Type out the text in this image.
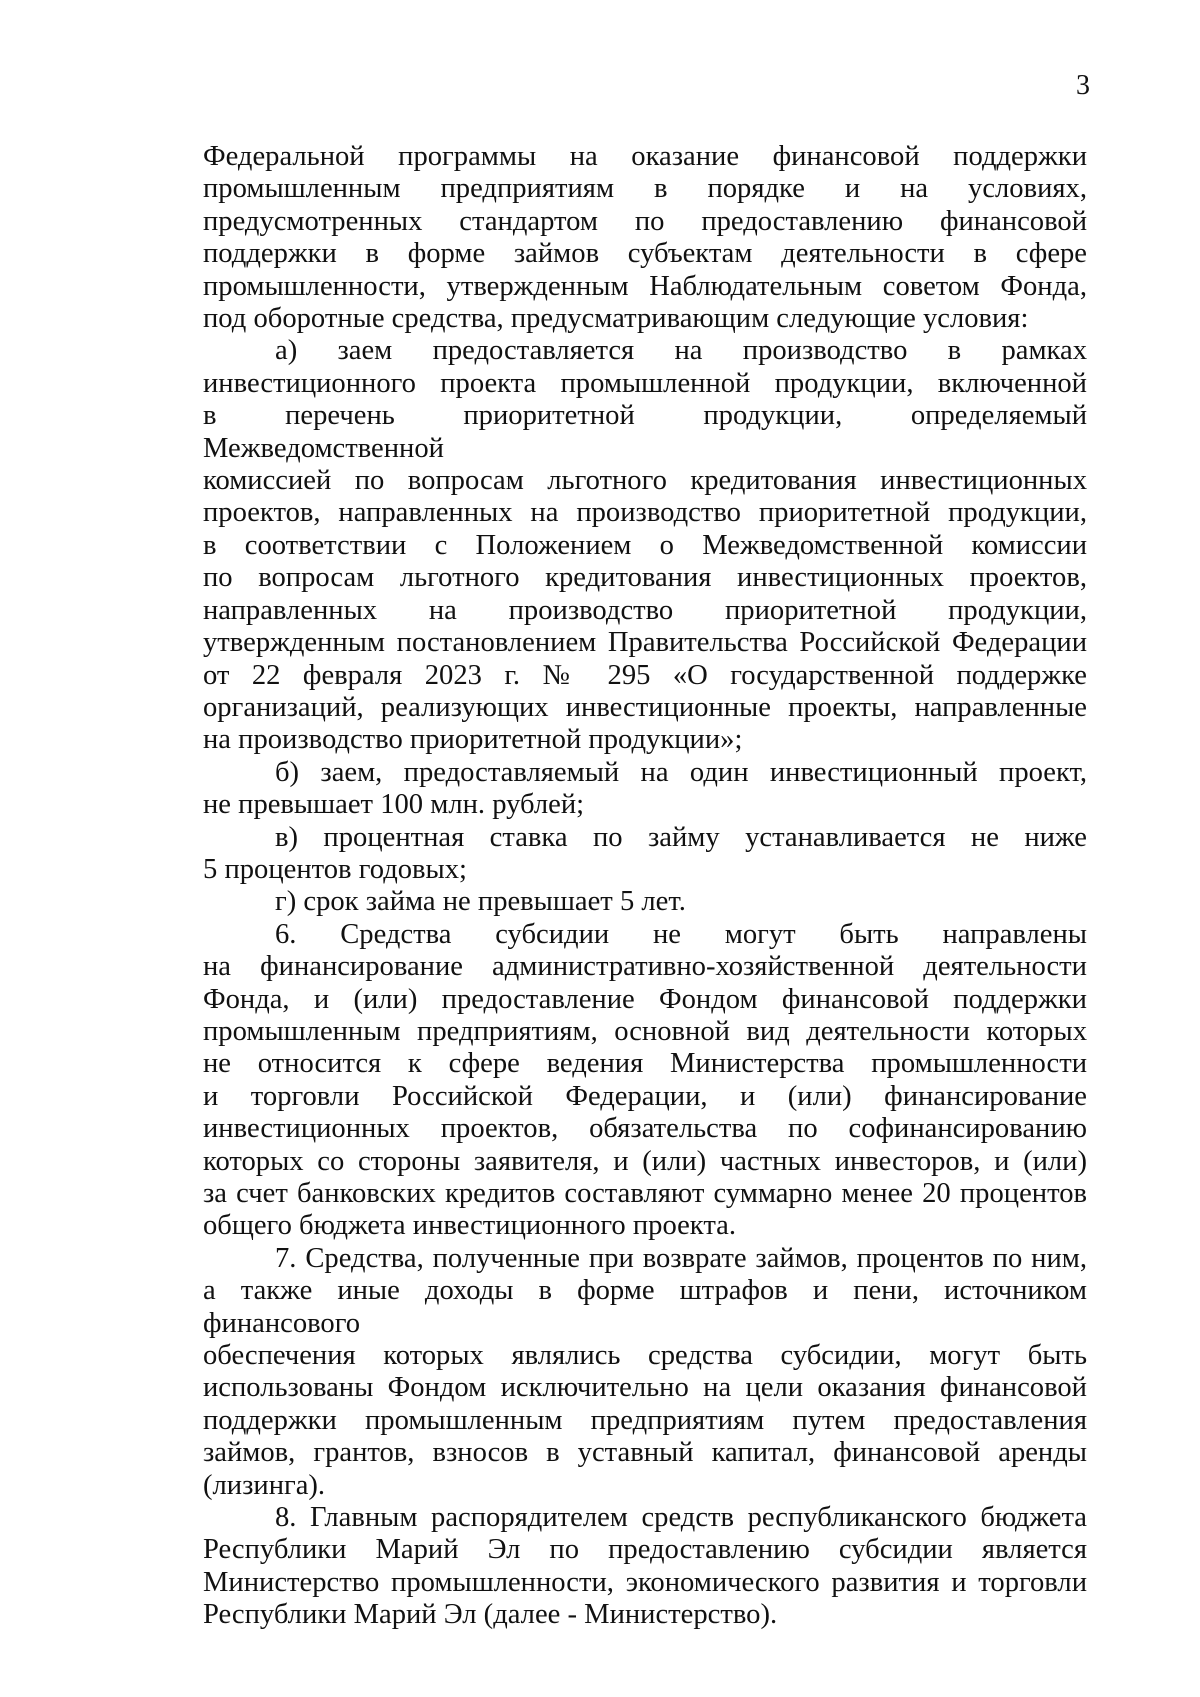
3
Федеральной программы на оказание финансовой поддержки
промышленным предприятиям в порядке и на условиях,
предусмотренных стандартом по предоставлению финансовой
поддержки в форме займов субъектам деятельности в сфере
промышленности, утвержденным Наблюдательным советом Фонда,
под оборотные средства, предусматривающим следующие условия:
а) заем предоставляется на производство в рамках
инвестиционного проекта промышленной продукции, включенной
в перечень приоритетной продукции, определяемый Межведомственной
комиссией по вопросам льготного кредитования инвестиционных
проектов, направленных на производство приоритетной продукции,
в соответствии с Положением о Межведомственной комиссии
по вопросам льготного кредитования инвестиционных проектов,
направленных на производство приоритетной продукции,
утвержденным постановлением Правительства Российской Федерации
от 22 февраля 2023 г. № 295 «О государственной поддержке
организаций, реализующих инвестиционные проекты, направленные
на производство приоритетной продукции»;
б) заем, предоставляемый на один инвестиционный проект,
не превышает 100 млн. рублей;
в) процентная ставка по займу устанавливается не ниже
5 процентов годовых;
г) срок займа не превышает 5 лет.
6. Средства субсидии не могут быть направлены
на финансирование административно-хозяйственной деятельности
Фонда, и (или) предоставление Фондом финансовой поддержки
промышленным предприятиям, основной вид деятельности которых
не относится к сфере ведения Министерства промышленности
и торговли Российской Федерации, и (или) финансирование
инвестиционных проектов, обязательства по софинансированию
которых со стороны заявителя, и (или) частных инвесторов, и (или)
за счет банковских кредитов составляют суммарно менее 20 процентов
общего бюджета инвестиционного проекта.
7. Средства, полученные при возврате займов, процентов по ним,
а также иные доходы в форме штрафов и пени, источником финансового
обеспечения которых являлись средства субсидии, могут быть
использованы Фондом исключительно на цели оказания финансовой
поддержки промышленным предприятиям путем предоставления
займов, грантов, взносов в уставный капитал, финансовой аренды
(лизинга).
8. Главным распорядителем средств республиканского бюджета
Республики Марий Эл по предоставлению субсидии является
Министерство промышленности, экономического развития и торговли
Республики Марий Эл (далее - Министерство).
